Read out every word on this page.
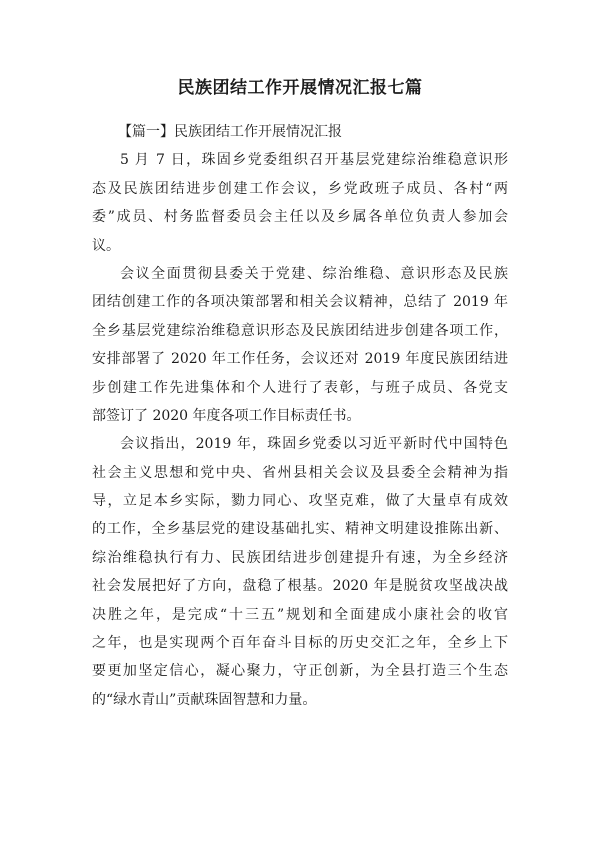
民族团结工作开展情况汇报七篇
【篇一】民族团结工作开展情况汇报
5 月 7 日，珠固乡党委组织召开基层党建综治维稳意识形
态及民族团结进步创建工作会议，乡党政班子成员、各村“两
委”成员、村务监督委员会主任以及乡属各单位负责人参加会
议。
会议全面贯彻县委关于党建、综治维稳、意识形态及民族
团结创建工作的各项决策部署和相关会议精神，总结了 2019 年
全乡基层党建综治维稳意识形态及民族团结进步创建各项工作，
安排部署了 2020 年工作任务，会议还对 2019 年度民族团结进
步创建工作先进集体和个人进行了表彰，与班子成员、各党支
部签订了 2020 年度各项工作目标责任书。
会议指出，2019 年，珠固乡党委以习近平新时代中国特色
社会主义思想和党中央、省州县相关会议及县委全会精神为指
导，立足本乡实际，勠力同心、攻坚克难，做了大量卓有成效
的工作，全乡基层党的建设基础扎实、精神文明建设推陈出新、
综治维稳执行有力、民族团结进步创建提升有速，为全乡经济
社会发展把好了方向，盘稳了根基。2020 年是脱贫攻坚战决战
决胜之年，是完成“十三五”规划和全面建成小康社会的收官
之年，也是实现两个百年奋斗目标的历史交汇之年，全乡上下
要更加坚定信心，凝心聚力，守正创新，为全县打造三个生态
的“绿水青山”贡献珠固智慧和力量。
